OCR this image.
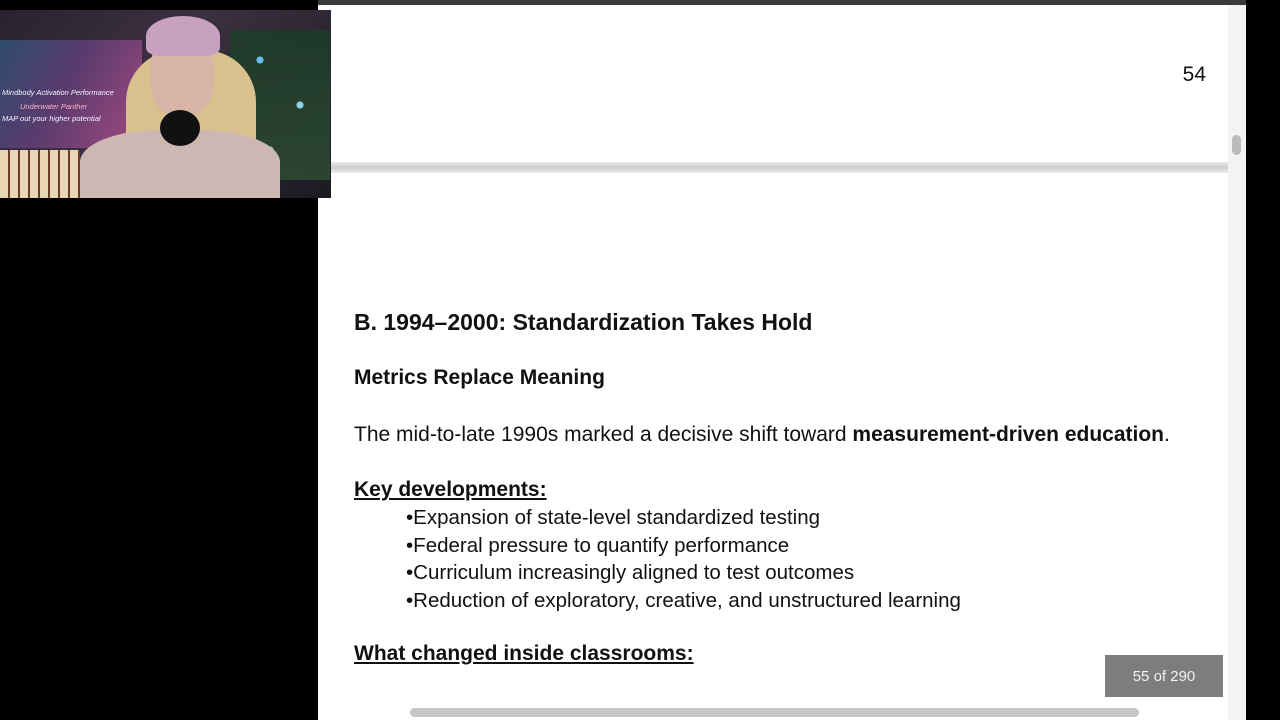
54

B. 1994–2000: Standardization Takes Hold

Metrics Replace Meaning

The mid-to-late 1990s marked a decisive shift toward measurement-driven education.

Key developments:

•Expansion of state-level standardized testing
•Federal pressure to quantify performance
•Curriculum increasingly aligned to test outcomes
•Reduction of exploratory, creative, and unstructured learning

What changed inside classrooms:

55 of 290
Mindbody Activation Performance
Underwater Panther
MAP out your higher potential
